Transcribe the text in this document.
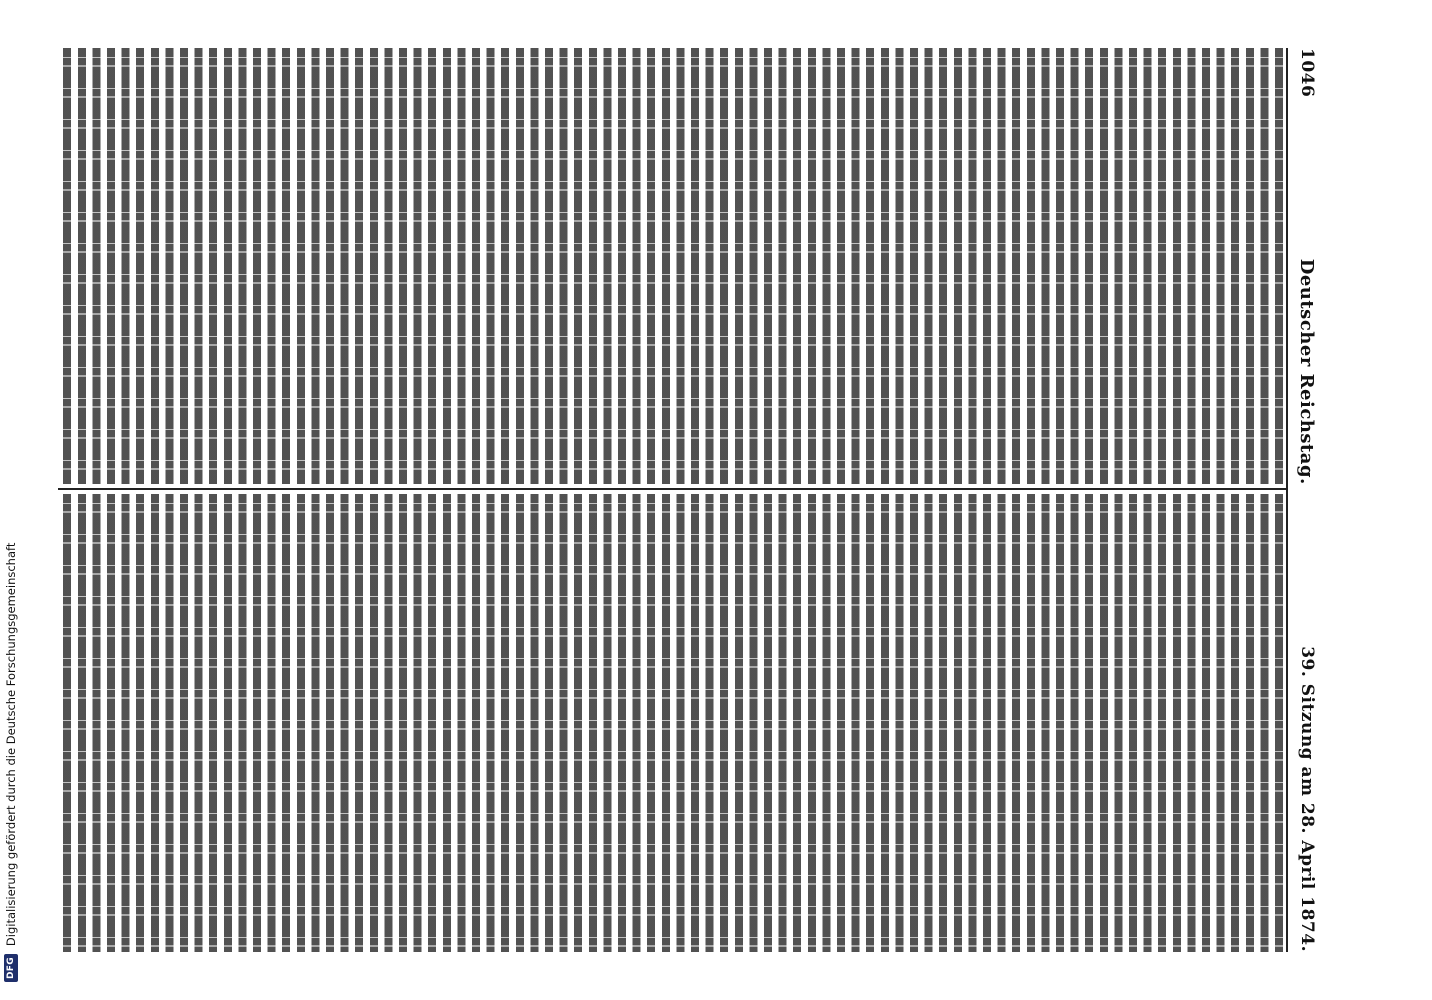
1046
Deutscher Reichstag.
39. Sitzung am 28. April 1874.
DFG
Digitalisierung gefördert durch die Deutsche Forschungsgemeinschaft
